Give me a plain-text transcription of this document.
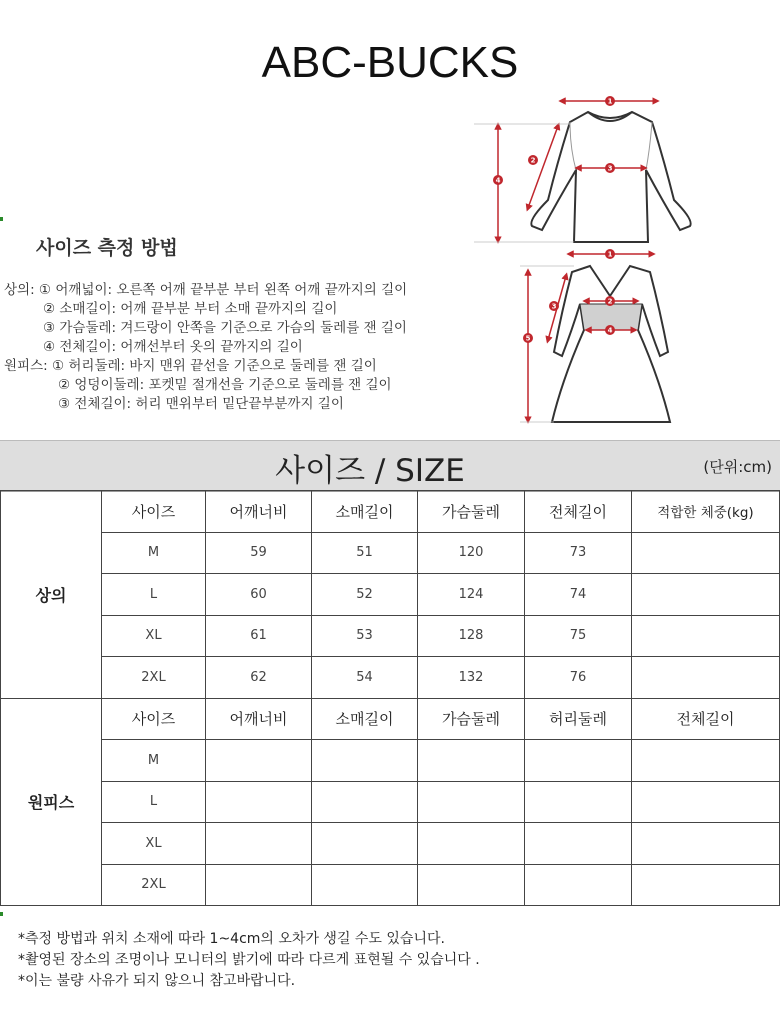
ABC-BUCKS
1
2
3
4
1
2
3
4
5
사이즈 측정 방법
상의: ① 어깨넓이: 오른쪽 어깨 끝부분 부터 왼쪽 어깨 끝까지의 길이
② 소매길이: 어깨 끝부분 부터 소매 끝까지의 길이
③ 가슴둘레: 겨드랑이 안쪽을 기준으로 가슴의 둘레를 잰 길이
④ 전체길이: 어깨선부터 옷의 끝까지의 길이
원피스: ① 허리둘레: 바지 맨위 끝선을 기준으로 둘레를 잰 길이
② 엉덩이둘레: 포켓밑 절개선을 기준으로 둘레를 잰 길이
③ 전체길이: 허리 맨위부터 밑단끝부분까지 길이
사이즈 / SIZE	(단위:cm)
상의	사이즈	어깨너비	소매길이	가슴둘레	전체길이	적합한 체중(kg)
	M	59	51	120	73	
	L	60	52	124	74	
	XL	61	53	128	75	
	2XL	62	54	132	76	
원피스	사이즈	어깨너비	소매길이	가슴둘레	허리둘레	전체길이
	M					
	L					
	XL					
	2XL					
*측정 방법과 위치 소재에 따라 1~4cm의 오차가 생길 수도 있습니다.
*촬영된 장소의 조명이나 모니터의 밝기에 따라 다르게 표현될 수 있습니다 .
*이는 불량 사유가 되지 않으니 참고바랍니다.
